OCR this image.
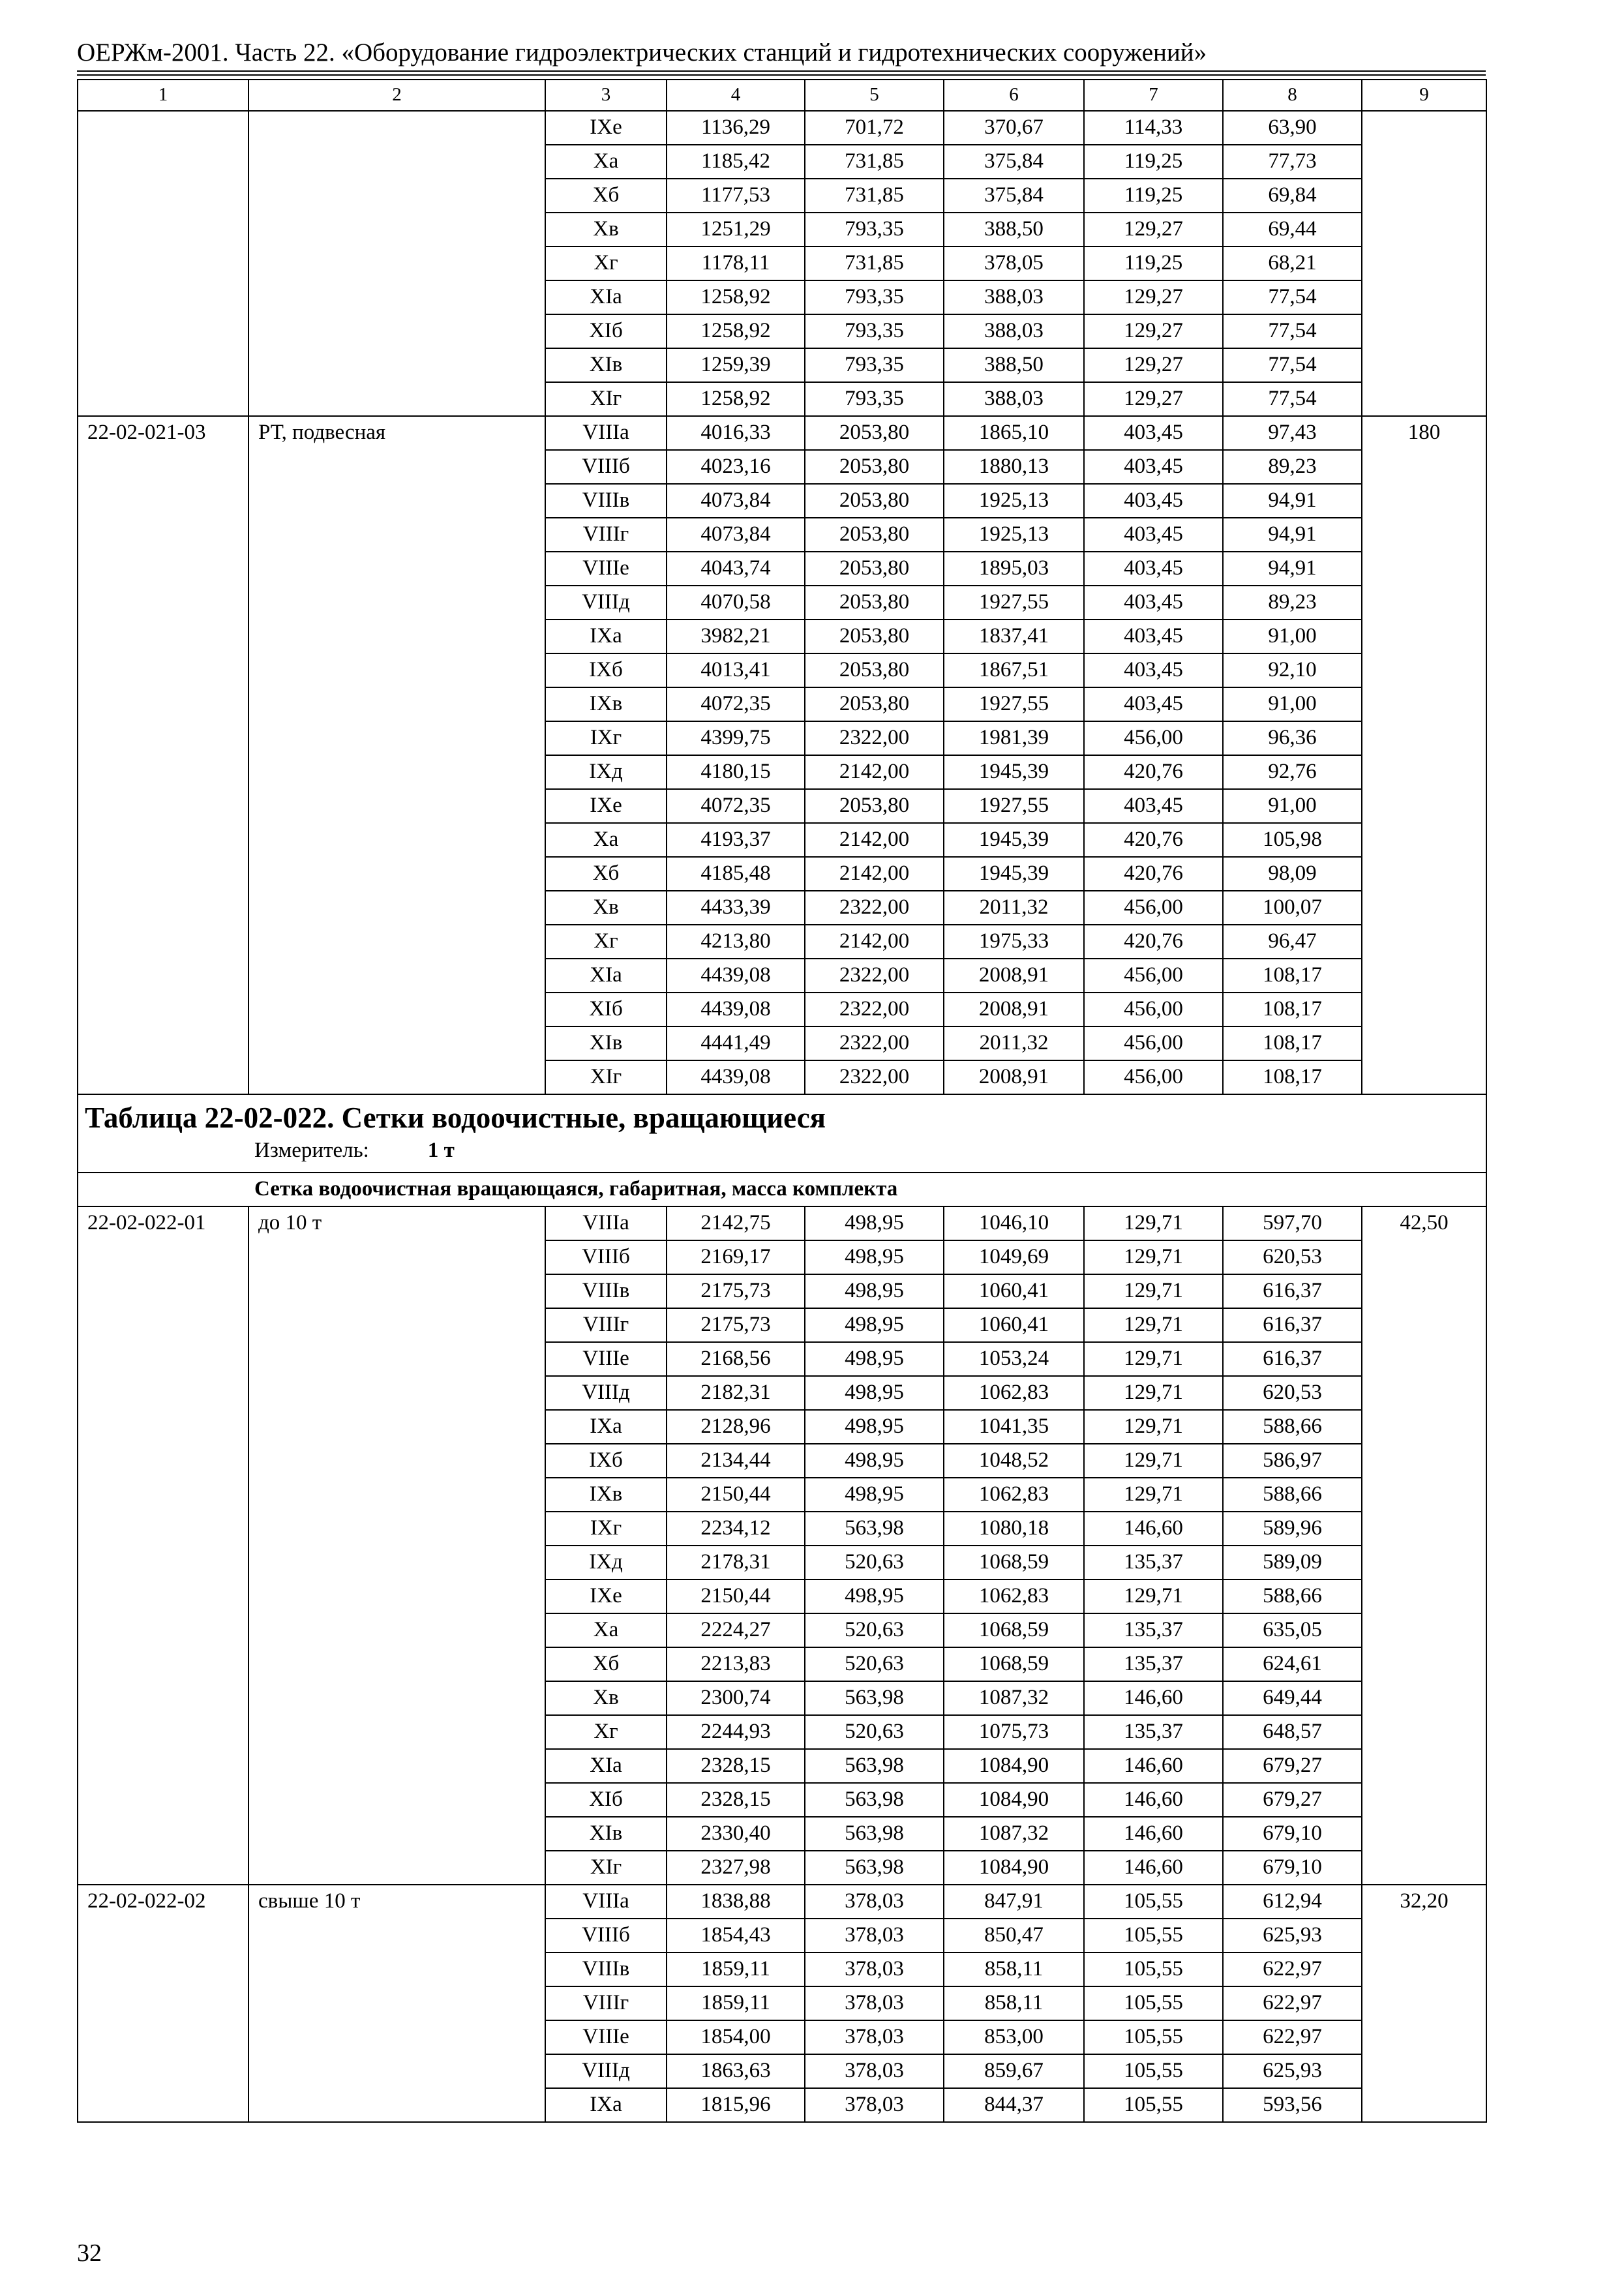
ОЕРЖм-2001. Часть 22. «Оборудование гидроэлектрических станций и гидротехнических сооружений»
1	2	3	4	5	6	7	8	9
		IXе	1136,29	701,72	370,67	114,33	63,90	
		Xа	1185,42	731,85	375,84	119,25	77,73	
		Xб	1177,53	731,85	375,84	119,25	69,84	
		Xв	1251,29	793,35	388,50	129,27	69,44	
		Xг	1178,11	731,85	378,05	119,25	68,21	
		XIа	1258,92	793,35	388,03	129,27	77,54	
		XIб	1258,92	793,35	388,03	129,27	77,54	
		XIв	1259,39	793,35	388,50	129,27	77,54	
		XIг	1258,92	793,35	388,03	129,27	77,54	
22-02-021-03	РТ, подвесная	VIIIа	4016,33	2053,80	1865,10	403,45	97,43	180
		VIIIб	4023,16	2053,80	1880,13	403,45	89,23	
		VIIIв	4073,84	2053,80	1925,13	403,45	94,91	
		VIIIг	4073,84	2053,80	1925,13	403,45	94,91	
		VIIIе	4043,74	2053,80	1895,03	403,45	94,91	
		VIIIд	4070,58	2053,80	1927,55	403,45	89,23	
		IXа	3982,21	2053,80	1837,41	403,45	91,00	
		IXб	4013,41	2053,80	1867,51	403,45	92,10	
		IXв	4072,35	2053,80	1927,55	403,45	91,00	
		IXг	4399,75	2322,00	1981,39	456,00	96,36	
		IXд	4180,15	2142,00	1945,39	420,76	92,76	
		IXе	4072,35	2053,80	1927,55	403,45	91,00	
		Xа	4193,37	2142,00	1945,39	420,76	105,98	
		Xб	4185,48	2142,00	1945,39	420,76	98,09	
		Xв	4433,39	2322,00	2011,32	456,00	100,07	
		Xг	4213,80	2142,00	1975,33	420,76	96,47	
		XIа	4439,08	2322,00	2008,91	456,00	108,17	
		XIб	4439,08	2322,00	2008,91	456,00	108,17	
		XIв	4441,49	2322,00	2011,32	456,00	108,17	
		XIг	4439,08	2322,00	2008,91	456,00	108,17	

Таблица 22-02-022. Сетки водоочистные, вращающиеся
Измеритель: 1 т								

Сетка водоочистная вращающаяся, габаритная, масса комплекта								
22-02-022-01	до 10 т	VIIIа	2142,75	498,95	1046,10	129,71	597,70	42,50
		VIIIб	2169,17	498,95	1049,69	129,71	620,53	
		VIIIв	2175,73	498,95	1060,41	129,71	616,37	
		VIIIг	2175,73	498,95	1060,41	129,71	616,37	
		VIIIе	2168,56	498,95	1053,24	129,71	616,37	
		VIIIд	2182,31	498,95	1062,83	129,71	620,53	
		IXа	2128,96	498,95	1041,35	129,71	588,66	
		IXб	2134,44	498,95	1048,52	129,71	586,97	
		IXв	2150,44	498,95	1062,83	129,71	588,66	
		IXг	2234,12	563,98	1080,18	146,60	589,96	
		IXд	2178,31	520,63	1068,59	135,37	589,09	
		IXе	2150,44	498,95	1062,83	129,71	588,66	
		Xа	2224,27	520,63	1068,59	135,37	635,05	
		Xб	2213,83	520,63	1068,59	135,37	624,61	
		Xв	2300,74	563,98	1087,32	146,60	649,44	
		Xг	2244,93	520,63	1075,73	135,37	648,57	
		XIа	2328,15	563,98	1084,90	146,60	679,27	
		XIб	2328,15	563,98	1084,90	146,60	679,27	
		XIв	2330,40	563,98	1087,32	146,60	679,10	
		XIг	2327,98	563,98	1084,90	146,60	679,10	
22-02-022-02	свыше 10 т	VIIIа	1838,88	378,03	847,91	105,55	612,94	32,20
		VIIIб	1854,43	378,03	850,47	105,55	625,93	
		VIIIв	1859,11	378,03	858,11	105,55	622,97	
		VIIIг	1859,11	378,03	858,11	105,55	622,97	
		VIIIе	1854,00	378,03	853,00	105,55	622,97	
		VIIIд	1863,63	378,03	859,67	105,55	625,93	
		IXа	1815,96	378,03	844,37	105,55	593,56	
32
